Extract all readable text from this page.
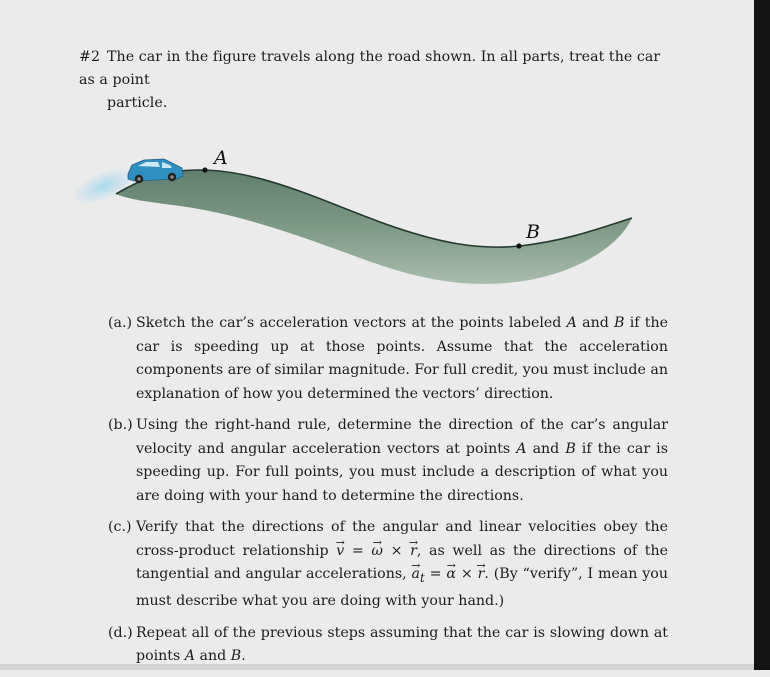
#2 The car in the figure travels along the road shown. In all parts, treat the car as a point
particle.
A
B
(a.) Sketch the car’s acceleration vectors at the points labeled A and B if the car is speeding up at those points. Assume that the acceleration components are of similar magnitude. For full credit, you must include an explanation of how you determined the vectors’ direction.
(b.) Using the right-hand rule, determine the direction of the car’s angular velocity and angular acceleration vectors at points A and B if the car is speeding up. For full points, you must include a description of what you are doing with your hand to determine the directions.
(c.) Verify that the directions of the angular and linear velocities obey the cross-product relationship → v = → ω × → r, as well as the directions of the tangential and angular accelerations, → $a_t$ = → α × → r. (By “verify”, I mean you must describe what you are doing with your hand.)
(d.) Repeat all of the previous steps assuming that the car is slowing down at points A and B.
